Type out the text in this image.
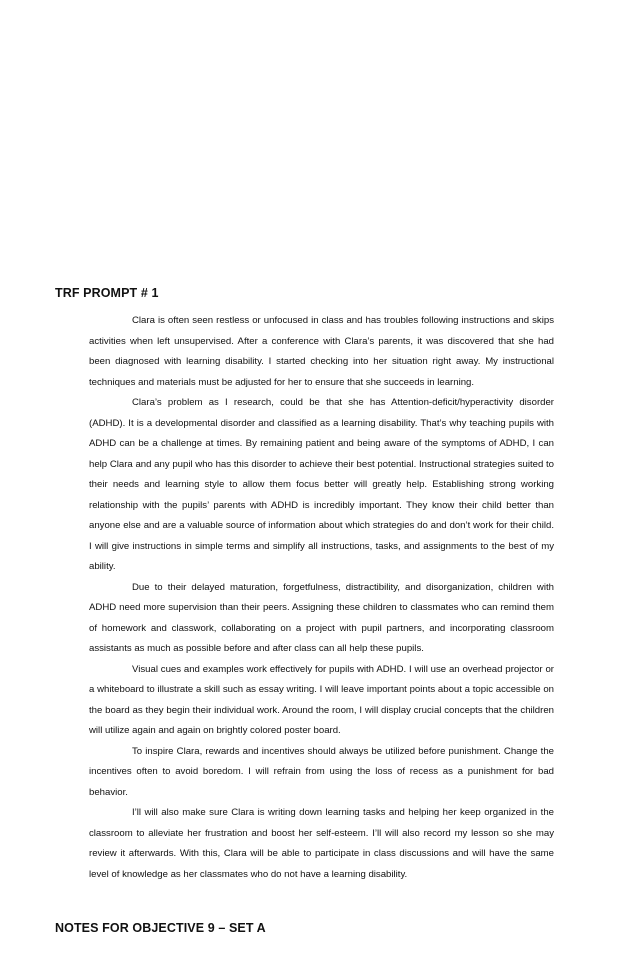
TRF PROMPT # 1

Clara is often seen restless or unfocused in class and has troubles following instructions and skips activities when left unsupervised. After a conference with Clara’s parents, it was discovered that she had been diagnosed with learning disability. I started checking into her situation right away. My instructional techniques and materials must be adjusted for her to ensure that she succeeds in learning.

Clara’s problem as I research, could be that she has Attention-deficit/hyperactivity disorder (ADHD). It is a developmental disorder and classified as a learning disability. That’s why teaching pupils with ADHD can be a challenge at times. By remaining patient and being aware of the symptoms of ADHD, I can help Clara and any pupil who has this disorder to achieve their best potential. Instructional strategies suited to their needs and learning style to allow them focus better will greatly help. Establishing strong working relationship with the pupils’ parents with ADHD is incredibly important. They know their child better than anyone else and are a valuable source of information about which strategies do and don’t work for their child. I will give instructions in simple terms and simplify all instructions, tasks, and assignments to the best of my ability.

Due to their delayed maturation, forgetfulness, distractibility, and disorganization, children with ADHD need more supervision than their peers. Assigning these children to classmates who can remind them of homework and classwork, collaborating on a project with pupil partners, and incorporating classroom assistants as much as possible before and after class can all help these pupils.

Visual cues and examples work effectively for pupils with ADHD. I will use an overhead projector or a whiteboard to illustrate a skill such as essay writing. I will leave important points about a topic accessible on the board as they begin their individual work. Around the room, I will display crucial concepts that the children will utilize again and again on brightly colored poster board.

To inspire Clara, rewards and incentives should always be utilized before punishment. Change the incentives often to avoid boredom. I will refrain from using the loss of recess as a punishment for bad behavior.

I’ll will also make sure Clara is writing down learning tasks and helping her keep organized in the classroom to alleviate her frustration and boost her self-esteem. I’ll will also record my lesson so she may review it afterwards. With this, Clara will be able to participate in class discussions and will have the same level of knowledge as her classmates who do not have a learning disability.

NOTES FOR OBJECTIVE 9 – SET A
